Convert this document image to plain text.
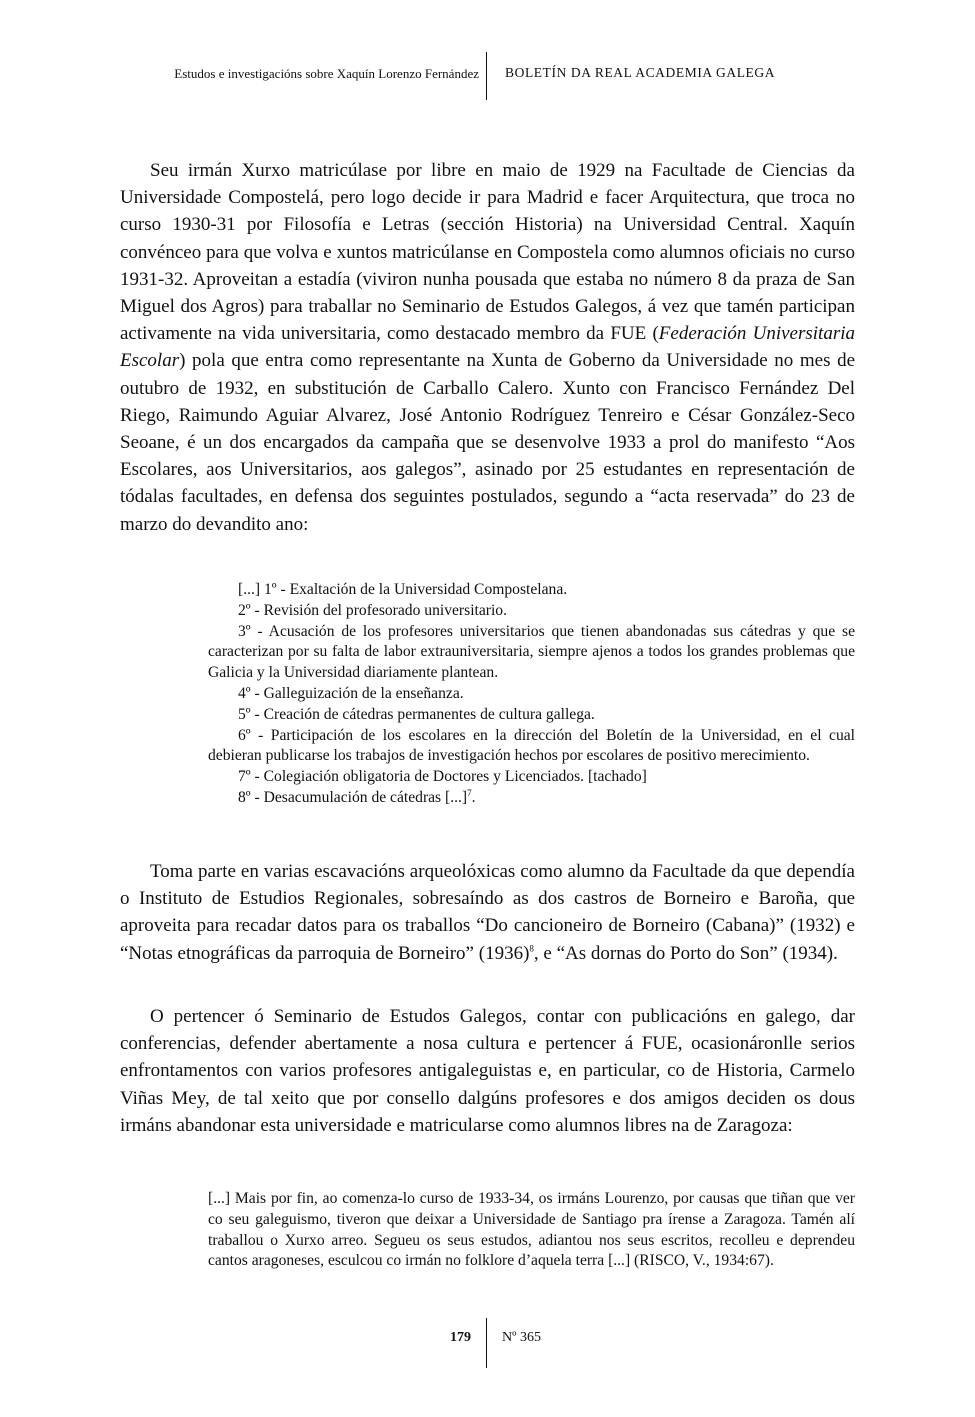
Estudos e investigacións sobre Xaquín Lorenzo Fernández BOLETÍN DA REAL ACADEMIA GALEGA

Seu irmán Xurxo matricúlase por libre en maio de 1929 na Facultade de Ciencias da Universidade Compostelá, pero logo decide ir para Madrid e facer Arquitectura, que troca no curso 1930-31 por Filosofía e Letras (sección Historia) na Universidad Central. Xaquín convénceo para que volva e xuntos matricúlanse en Compostela como alumnos oficiais no curso 1931-32. Aproveitan a estadía (viviron nunha pousada que estaba no número 8 da praza de San Miguel dos Agros) para traballar no Seminario de Estudos Galegos, á vez que tamén participan activamente na vida universitaria, como destacado membro da FUE (Federación Universitaria Escolar) pola que entra como representante na Xunta de Goberno da Universidade no mes de outubro de 1932, en substitución de Carballo Calero. Xunto con Francisco Fernández Del Riego, Raimundo Aguiar Alvarez, José Antonio Rodríguez Tenreiro e César González-Seco Seoane, é un dos encargados da campaña que se desenvolve 1933 a prol do manifesto “Aos Escolares, aos Universitarios, aos galegos”, asinado por 25 estudantes en representación de tódalas facultades, en defensa dos seguintes postulados, segundo a “acta reservada” do 23 de marzo do devandito ano:

[...] 1º - Exaltación de la Universidad Compostelana.

2º - Revisión del profesorado universitario.

3º - Acusación de los profesores universitarios que tienen abandonadas sus cátedras y que se caracterizan por su falta de labor extrauniversitaria, siempre ajenos a todos los grandes problemas que Galicia y la Universidad diariamente plantean.

4º - Galleguización de la enseñanza.

5º - Creación de cátedras permanentes de cultura gallega.

6º - Participación de los escolares en la dirección del Boletín de la Universidad, en el cual debieran publicarse los trabajos de investigación hechos por escolares de positivo merecimiento.

7º - Colegiación obligatoria de Doctores y Licenciados. [tachado]

8º - Desacumulación de cátedras [...]$^7$.

Toma parte en varias escavacións arqueolóxicas como alumno da Facultade da que dependía o Instituto de Estudios Regionales, sobresaíndo as dos castros de Borneiro e Baroña, que aproveita para recadar datos para os traballos “Do cancioneiro de Borneiro (Cabana)” (1932) e “Notas etnográficas da parroquia de Borneiro” $(1936)^8$, e “As dornas do Porto do Son” (1934).

O pertencer ó Seminario de Estudos Galegos, contar con publicacións en galego, dar conferencias, defender abertamente a nosa cultura e pertencer á FUE, ocasionáronlle serios enfrontamentos con varios profesores antigaleguistas e, en particular, co de Historia, Carmelo Viñas Mey, de tal xeito que por consello dalgúns profesores e dos amigos deciden os dous irmáns abandonar esta universidade e matricularse como alumnos libres na de Zaragoza:

[...] Mais por fin, ao comenza-lo curso de 1933-34, os irmáns Lourenzo, por causas que tiñan que ver co seu galeguismo, tiveron que deixar a Universidade de Santiago pra írense a Zaragoza. Tamén alí traballou o Xurxo arreo. Segueu os seus estudos, adiantou nos seus escritos, recolleu e deprendeu cantos aragoneses, esculcou co irmán no folklore d’aquela terra [...] (RISCO, V., 1934:67).

179 Nº 365
